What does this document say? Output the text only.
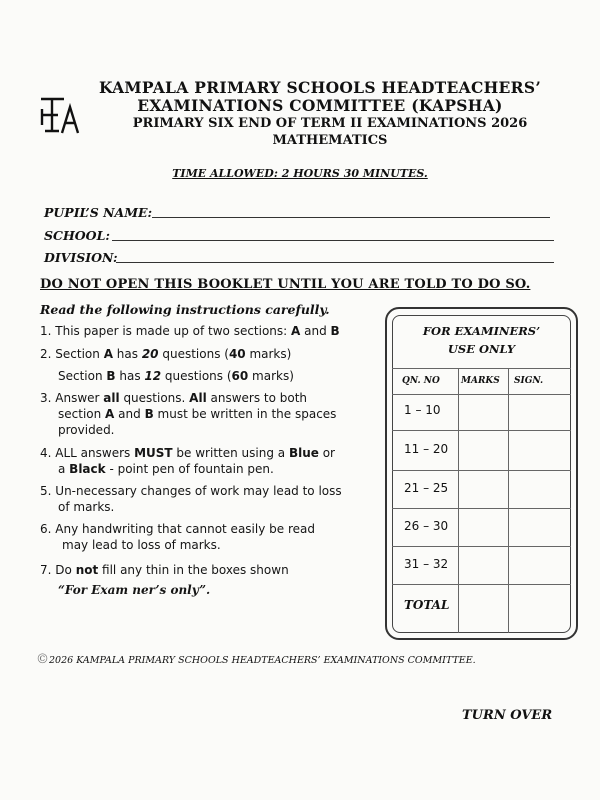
KAMPALA PRIMARY SCHOOLS HEADTEACHERS’
EXAMINATIONS COMMITTEE (KAPSHA)
PRIMARY SIX END OF TERM II EXAMINATIONS 2026
MATHEMATICS
TIME ALLOWED: 2 HOURS 30 MINUTES.
PUPIL’S NAME:
SCHOOL:
DIVISION:
DO NOT OPEN THIS BOOKLET UNTIL YOU ARE TOLD TO DO SO.
Read the following instructions carefully.
1. This paper is made up of two sections: A and B
2. Section A has 20 questions (40 marks)
Section B has 12 questions (60 marks)
3. Answer all questions. All answers to both
section A and B must be written in the spaces
provided.
4. ALL answers MUST be written using a Blue or
a Black - point pen of fountain pen.
5. Un-necessary changes of work may lead to loss
of marks.
6. Any handwriting that cannot easily be read
may lead to loss of marks.
7. Do not fill any thin in the boxes shown
“For Exam ner’s only”.
FOR EXAMINERS’
USE ONLY
QN. NO MARKS SIGN.
1 – 10
11 – 20
21 – 25
26 – 30
31 – 32
TOTAL
©2026 KAMPALA PRIMARY SCHOOLS HEADTEACHERS’ EXAMINATIONS COMMITTEE.
TURN OVER
